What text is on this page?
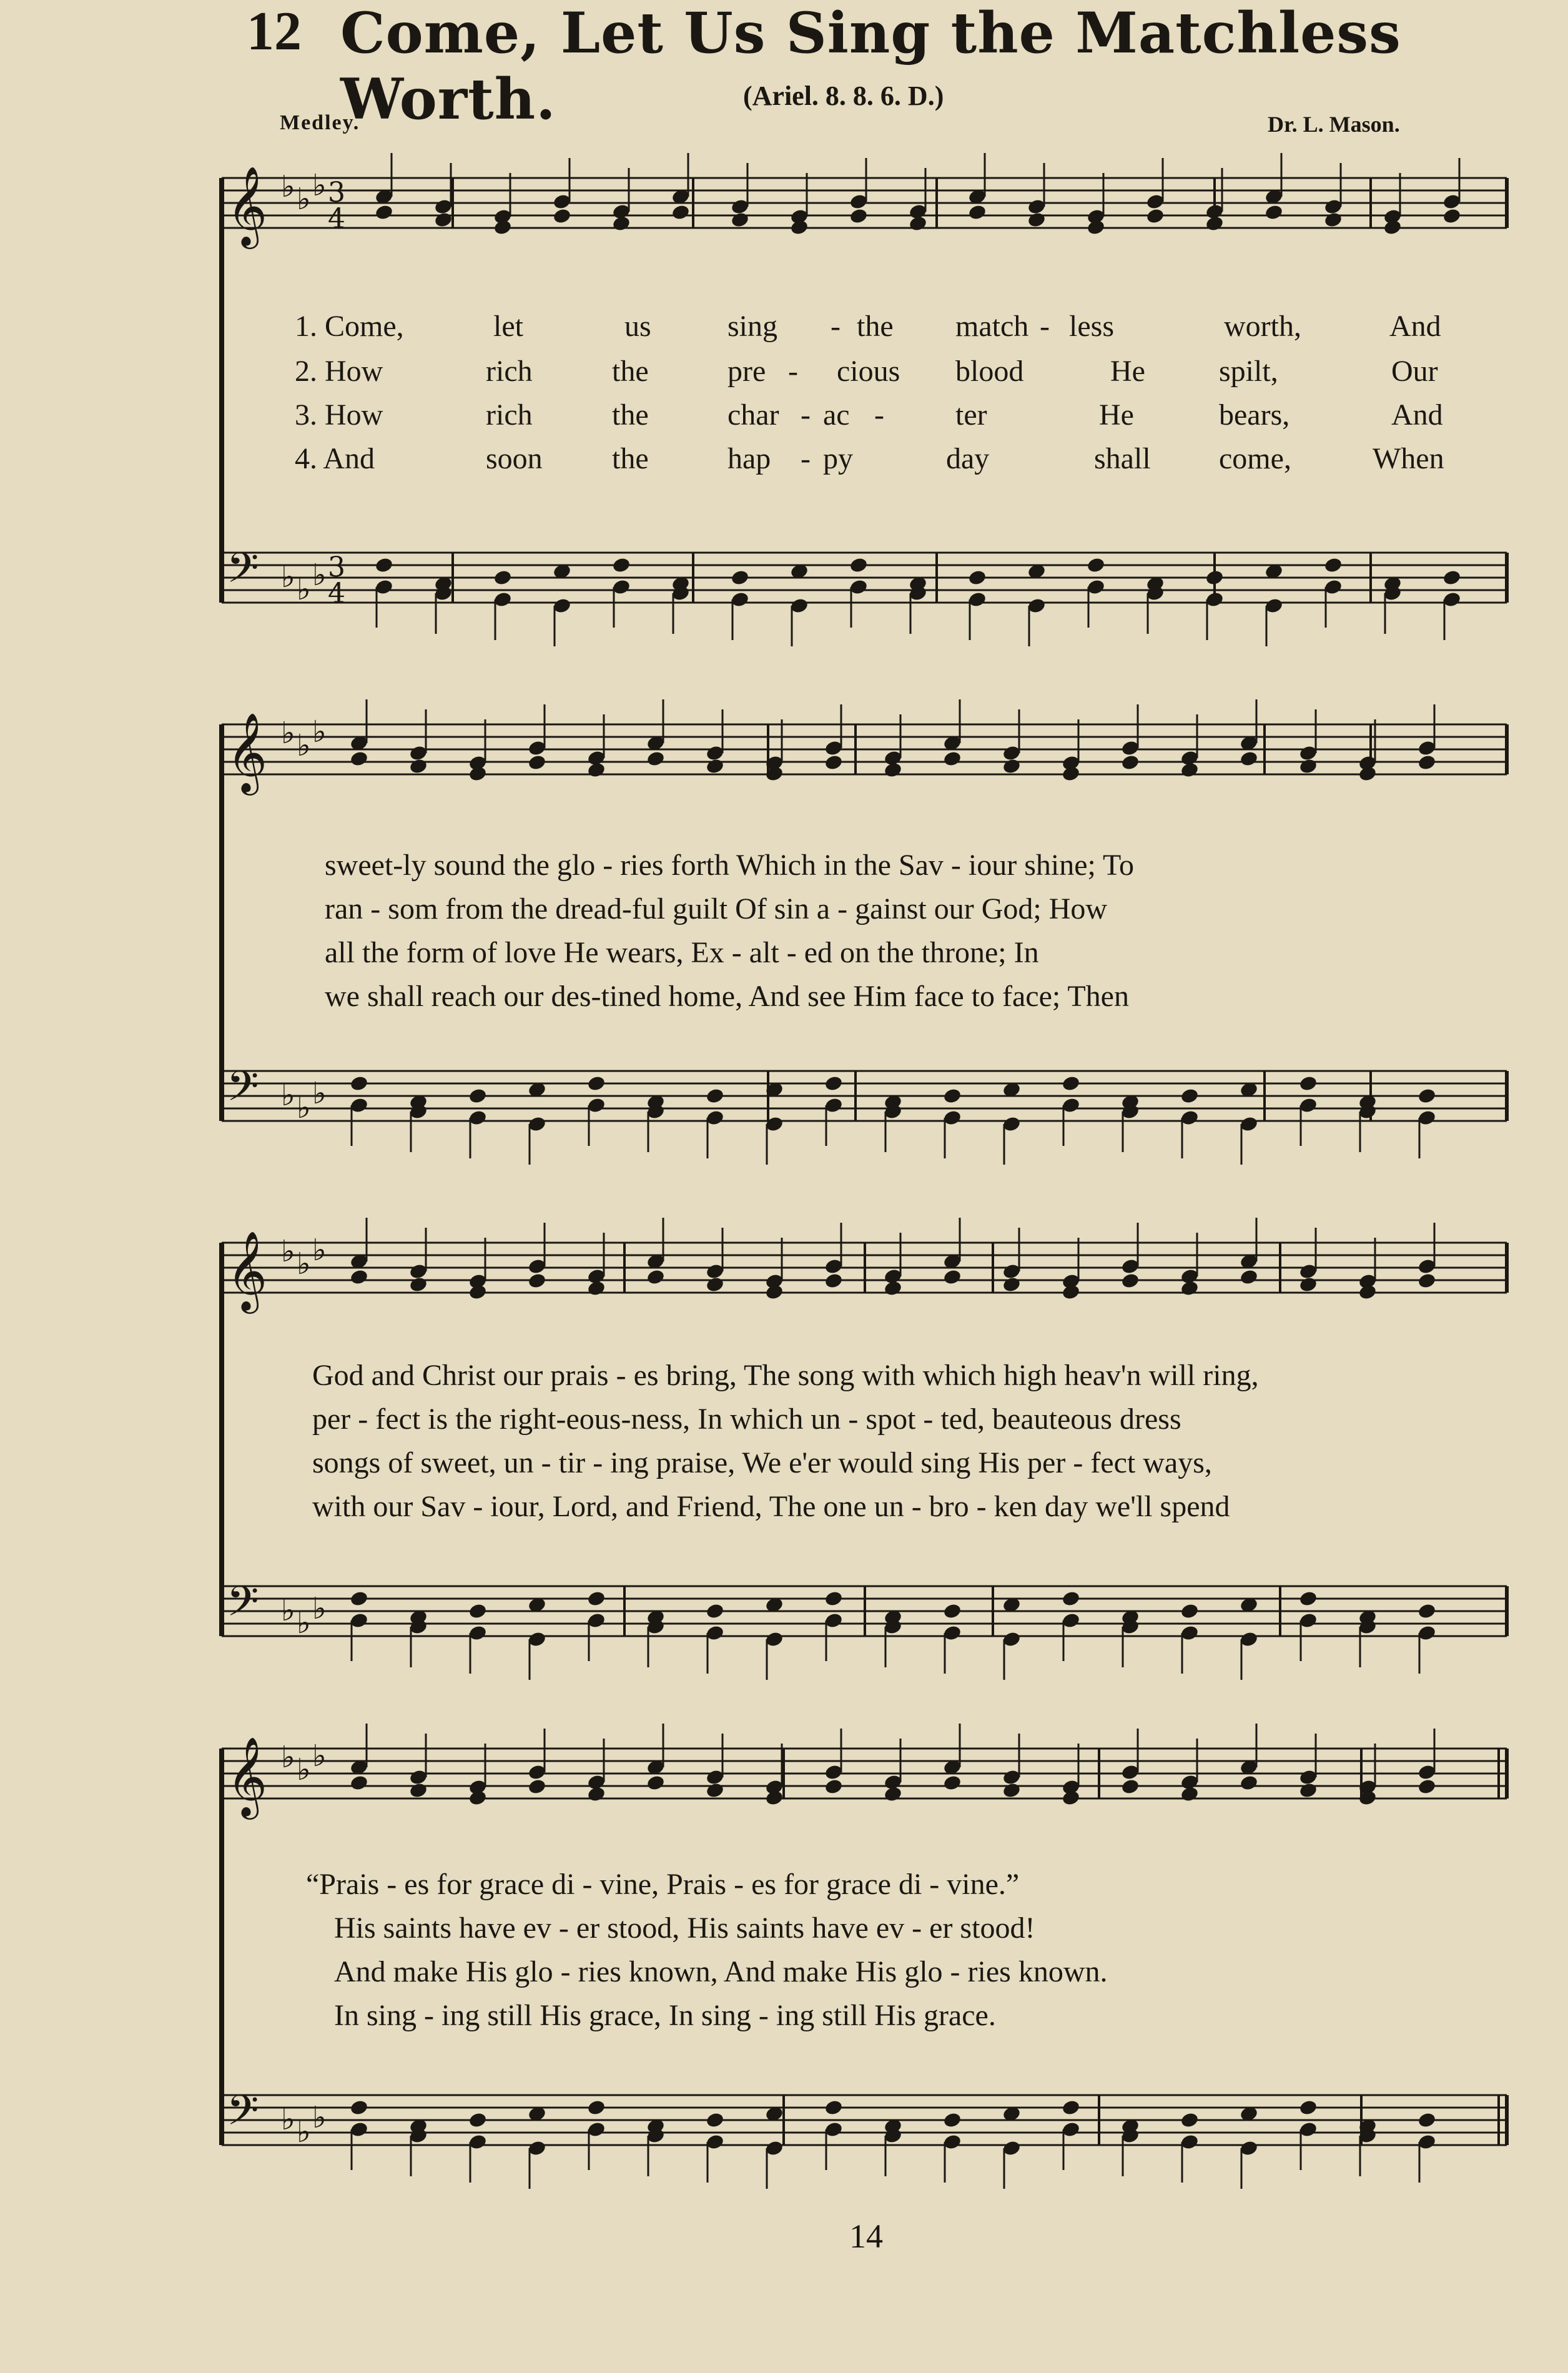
12 Come, Let Us Sing the Matchless Worth.	(Ariel. 8. 8. 6. D.)
Medley.	Dr. L. Mason.
𝄞
𝄢
♭ ♭ ♭
♭ ♭ ♭
3
4
3
4
𝄞
𝄢
♭ ♭ ♭
♭ ♭ ♭
𝄞
𝄢
♭ ♭ ♭
♭ ♭ ♭
𝄞
𝄢
♭ ♭ ♭
♭ ♭ ♭
1. Come,	let	us	sing - the match - less	worth,	And
2. How	rich	the	pre - cious blood	He spilt,	Our
3. How	rich	the	char - ac - ter	He	bears,	And
4. And	soon the	hap - py	day	shall come,	When
sweet-ly sound the glo - ries forth Which in the Sav - iour shine; To
ran - som from the dread-ful guilt Of sin a - gainst our God; How
all the form of love He wears, Ex - alt - ed on the throne; In
we shall reach our des-tined home, And see Him face to face; Then
God and Christ our prais - es bring, The song with which high heav'n will ring,
per - fect is the right-eous-ness, In which un - spot - ted, beauteous dress
songs of sweet, un - tir - ing praise, We e'er would sing His per - fect ways,
with our Sav - iour, Lord, and Friend, The one un - bro - ken day we'll spend
“Prais - es for grace di - vine, Prais - es for grace di - vine.”
His saints have ev - er stood, His saints have ev - er stood!
And make His glo - ries known, And make His glo - ries known.
In sing - ing still His grace, In sing - ing still His grace.
14
